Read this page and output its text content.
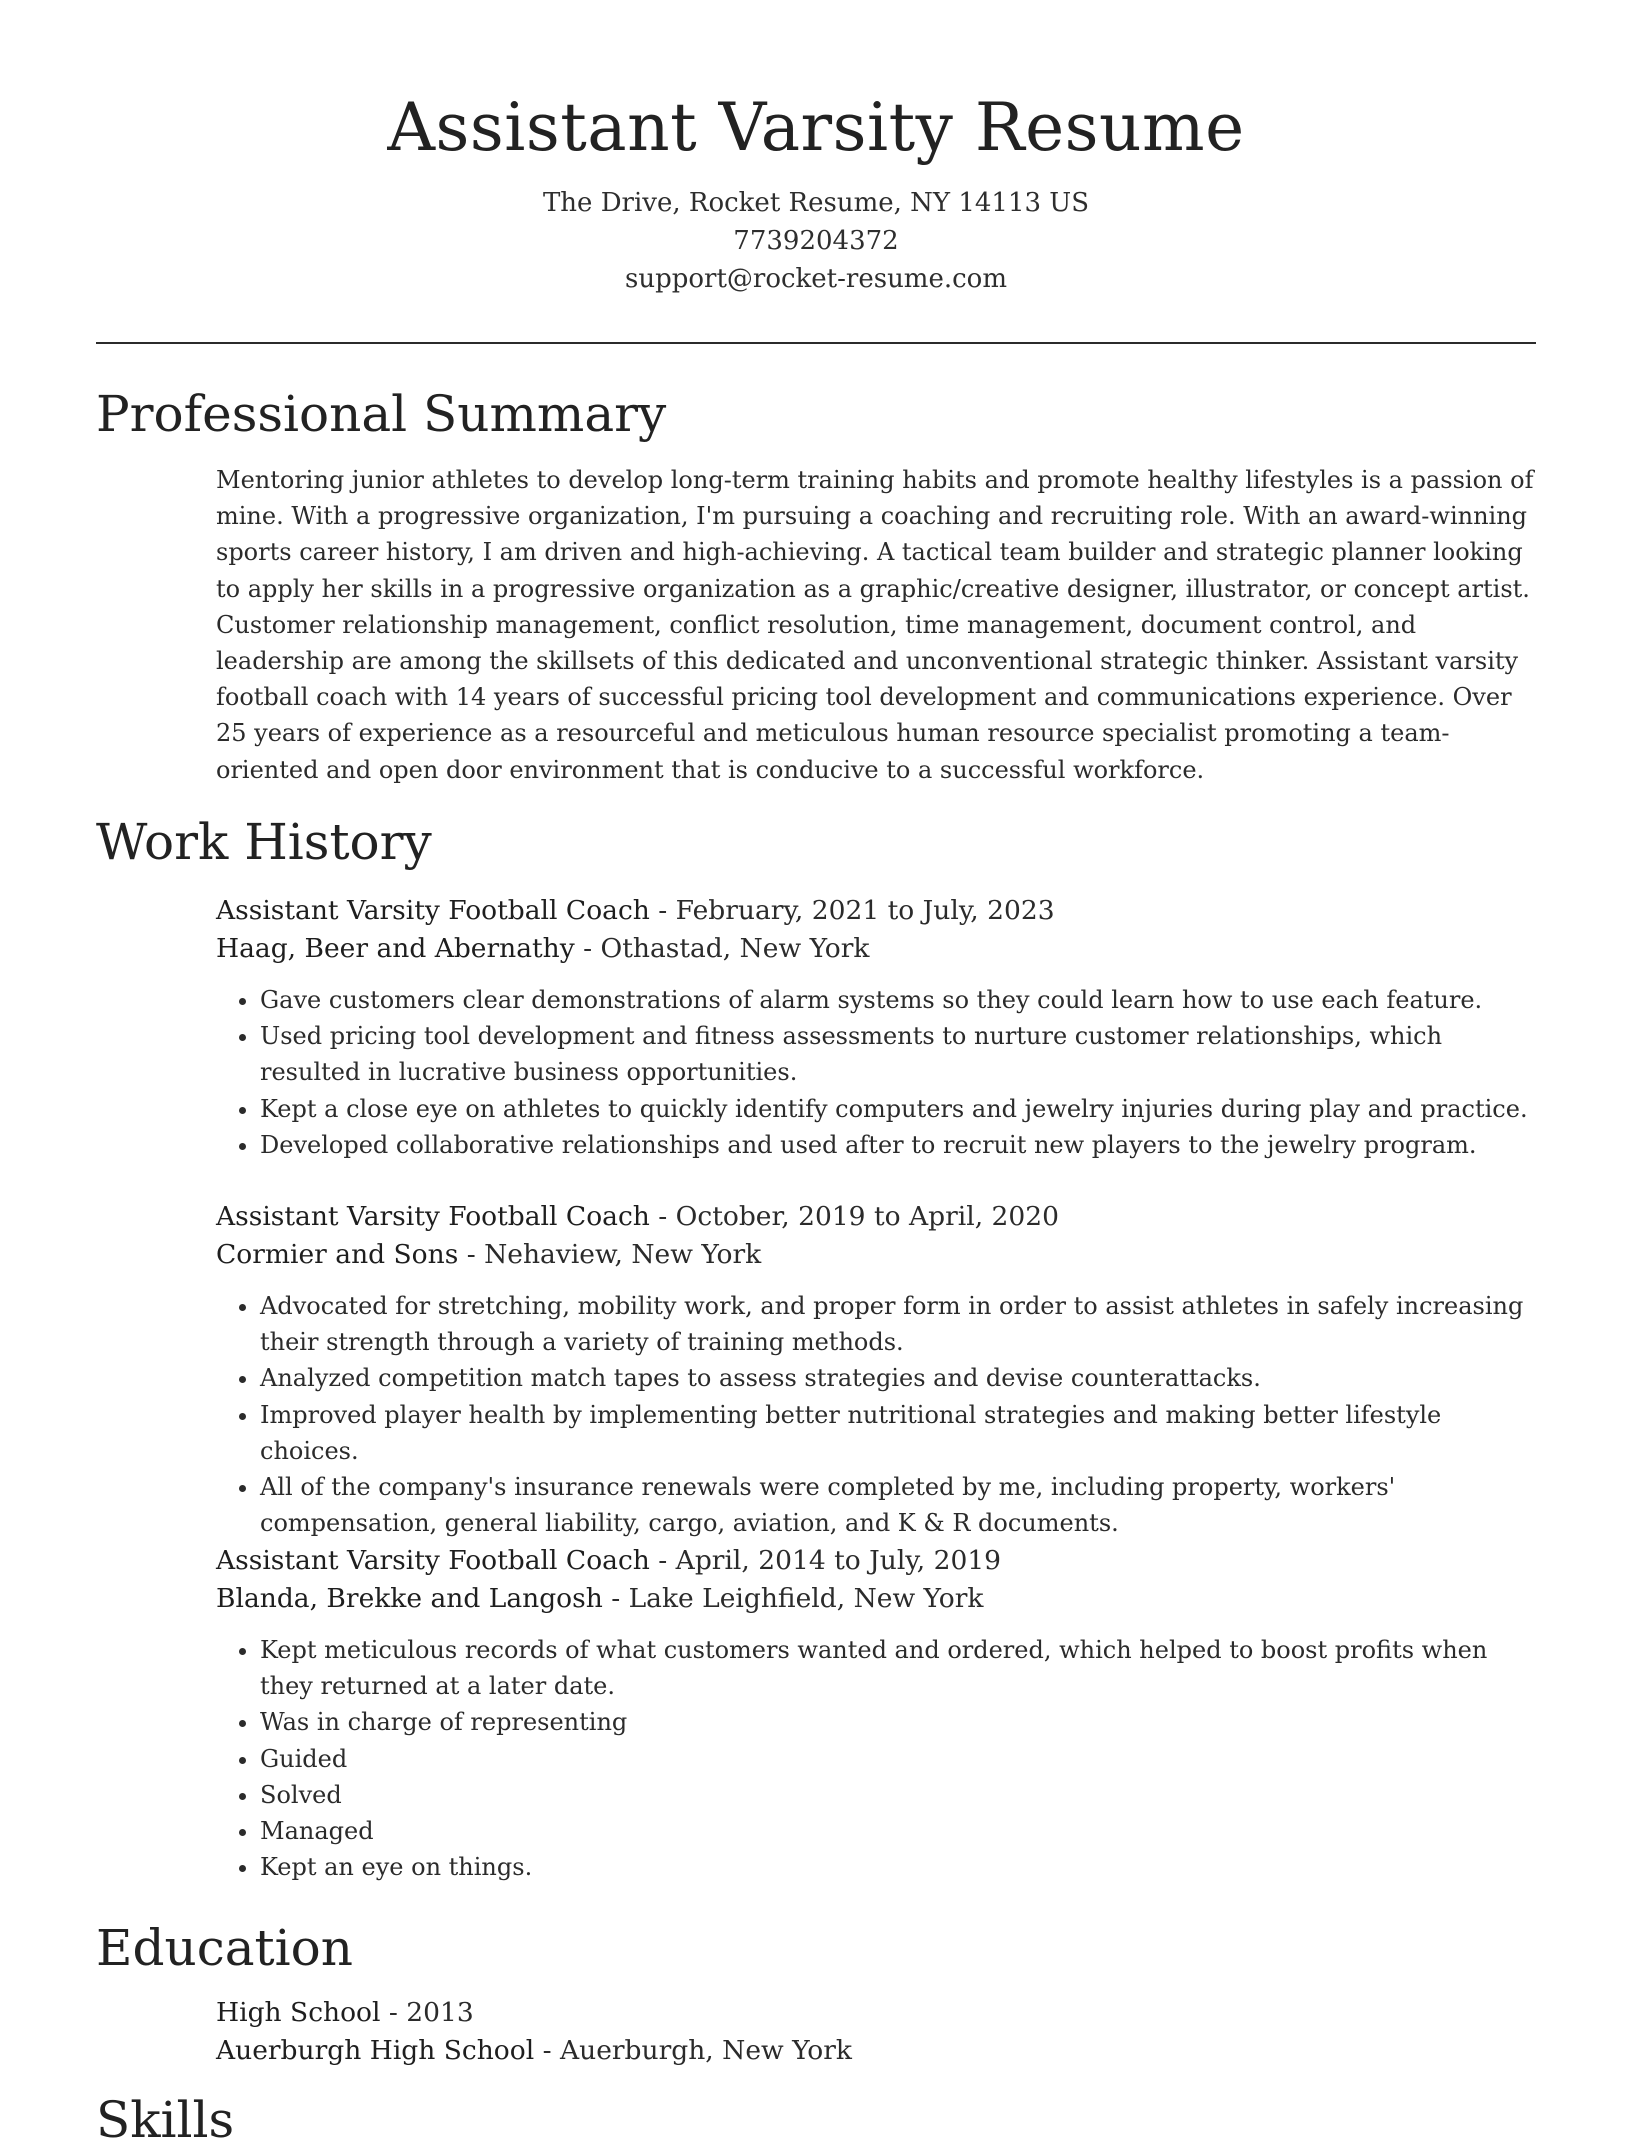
Assistant Varsity Resume
The Drive, Rocket Resume, NY 14113 US
7739204372
support@rocket-resume.com
Professional Summary

Mentoring junior athletes to develop long-term training habits and promote healthy lifestyles is a passion of mine. With a progressive organization, I'm pursuing a coaching and recruiting role. With an award-winning sports career history, I am driven and high-achieving. A tactical team builder and strategic planner looking to apply her skills in a progressive organization as a graphic/creative designer, illustrator, or concept artist. Customer relationship management, conflict resolution, time management, document control, and leadership are among the skillsets of this dedicated and unconventional strategic thinker. Assistant varsity football coach with 14 years of successful pricing tool development and communications experience. Over 25 years of experience as a resourceful and meticulous human resource specialist promoting a team-oriented and open door environment that is conducive to a successful workforce.

Work History
Assistant Varsity Football Coach - February, 2021 to July, 2023
Haag, Beer and Abernathy - Othastad, New York
• Gave customers clear demonstrations of alarm systems so they could learn how to use each feature.
• Used pricing tool development and fitness assessments to nurture customer relationships, which resulted in lucrative business opportunities.
• Kept a close eye on athletes to quickly identify computers and jewelry injuries during play and practice.
• Developed collaborative relationships and used after to recruit new players to the jewelry program.
Assistant Varsity Football Coach - October, 2019 to April, 2020
Cormier and Sons - Nehaview, New York
• Advocated for stretching, mobility work, and proper form in order to assist athletes in safely increasing their strength through a variety of training methods.
• Analyzed competition match tapes to assess strategies and devise counterattacks.
• Improved player health by implementing better nutritional strategies and making better lifestyle choices.
• All of the company's insurance renewals were completed by me, including property, workers' compensation, general liability, cargo, aviation, and K & R documents.
Assistant Varsity Football Coach - April, 2014 to July, 2019
Blanda, Brekke and Langosh - Lake Leighfield, New York
• Kept meticulous records of what customers wanted and ordered, which helped to boost profits when they returned at a later date.
• Was in charge of representing
• Guided
• Solved
• Managed
• Kept an eye on things.
Education
High School - 2013
Auerburgh High School - Auerburgh, New York
Skills
